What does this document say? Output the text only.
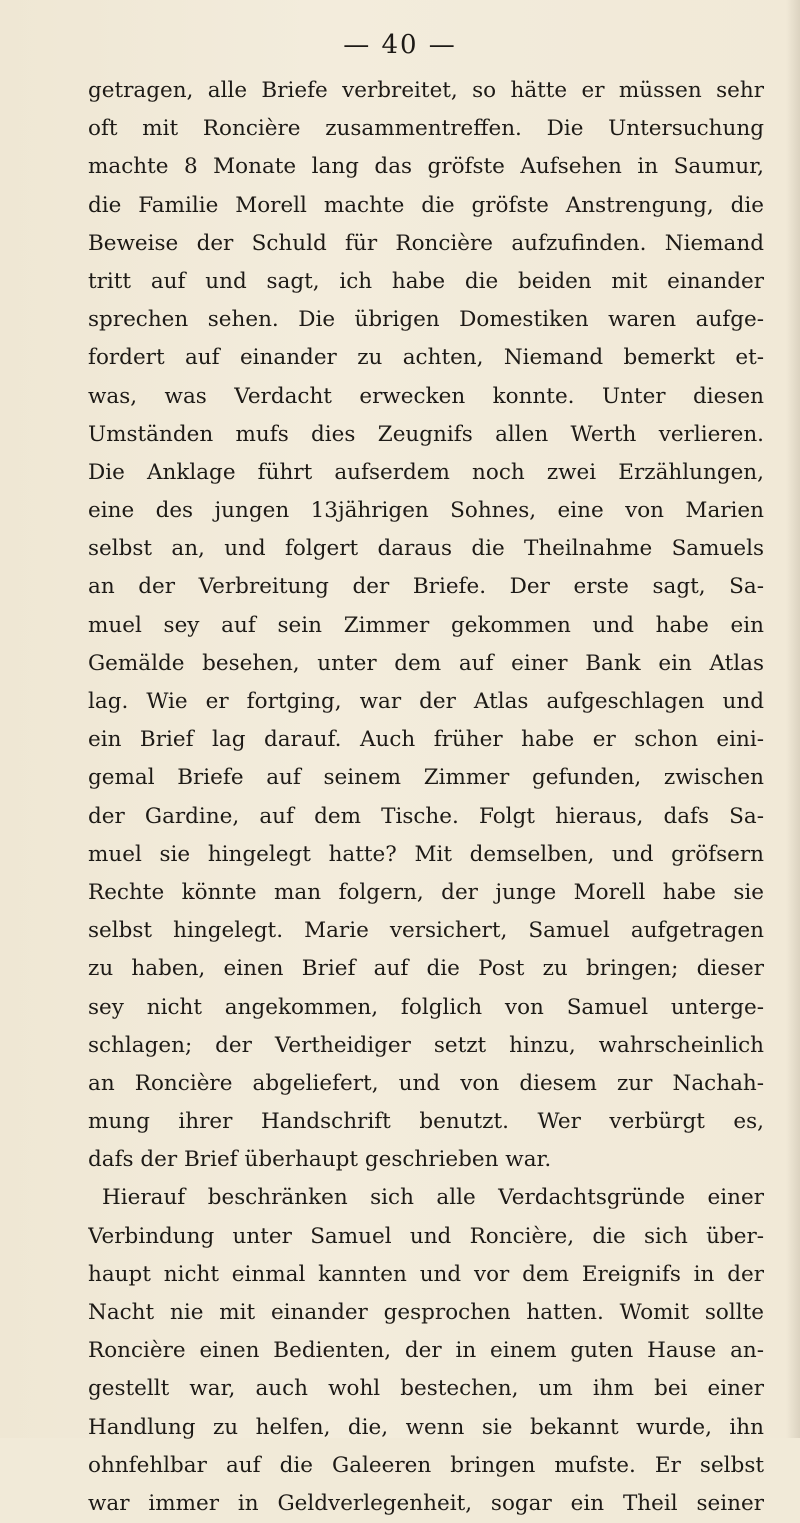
— 40 —
getragen, alle Briefe verbreitet, so hätte er müssen sehr
oft mit Roncière zusammentreffen. Die Untersuchung
machte 8 Monate lang das gröfste Aufsehen in Saumur,
die Familie Morell machte die gröfste Anstrengung, die
Beweise der Schuld für Roncière aufzufinden. Niemand
tritt auf und sagt, ich habe die beiden mit einander
sprechen sehen. Die übrigen Domestiken waren aufge-
fordert auf einander zu achten, Niemand bemerkt et-
was, was Verdacht erwecken konnte. Unter diesen
Umständen mufs dies Zeugnifs allen Werth verlieren.
Die Anklage führt aufserdem noch zwei Erzählungen,
eine des jungen 13jährigen Sohnes, eine von Marien
selbst an, und folgert daraus die Theilnahme Samuels
an der Verbreitung der Briefe. Der erste sagt, Sa-
muel sey auf sein Zimmer gekommen und habe ein
Gemälde besehen, unter dem auf einer Bank ein Atlas
lag. Wie er fortging, war der Atlas aufgeschlagen und
ein Brief lag darauf. Auch früher habe er schon eini-
gemal Briefe auf seinem Zimmer gefunden, zwischen
der Gardine, auf dem Tische. Folgt hieraus, dafs Sa-
muel sie hingelegt hatte? Mit demselben, und gröfsern
Rechte könnte man folgern, der junge Morell habe sie
selbst hingelegt. Marie versichert, Samuel aufgetragen
zu haben, einen Brief auf die Post zu bringen; dieser
sey nicht angekommen, folglich von Samuel unterge-
schlagen; der Vertheidiger setzt hinzu, wahrscheinlich
an Roncière abgeliefert, und von diesem zur Nachah-
mung ihrer Handschrift benutzt. Wer verbürgt es,
dafs der Brief überhaupt geschrieben war.
Hierauf beschränken sich alle Verdachtsgründe einer
Verbindung unter Samuel und Roncière, die sich über-
haupt nicht einmal kannten und vor dem Ereignifs in der
Nacht nie mit einander gesprochen hatten. Womit sollte
Roncière einen Bedienten, der in einem guten Hause an-
gestellt war, auch wohl bestechen, um ihm bei einer
Handlung zu helfen, die, wenn sie bekannt wurde, ihn
ohnfehlbar auf die Galeeren bringen mufste. Er selbst
war immer in Geldverlegenheit, sogar ein Theil seiner
